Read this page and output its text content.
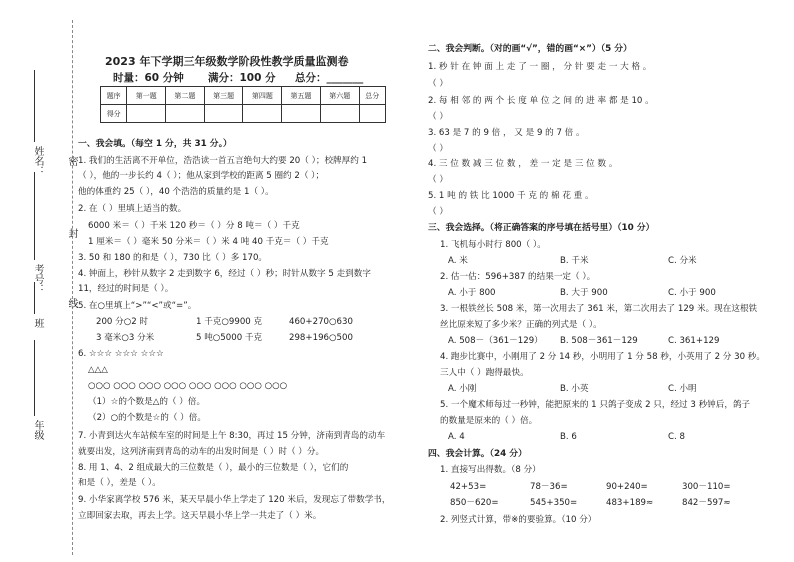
姓名： 密
封
线
考号：
班
年级
2023 年下学期三年级数学阶段性教学质量监测卷
时量：60 分钟 满分：100 分 总分：_______
题序	第一题	第二题	第三题	第四题	第五题	第六题	总分
得分							
一、我会填。（每空 1 分，共 31 分。）
1. 我们的生活离不开单位，浩浩读一首五言绝句大约要 20（ ）；校牌厚约 1
（ ），他的一步长约 4（ ）；他从家到学校的距离 5 圈约 2（ ）；
他的体重约 25（ ），40 个浩浩的质量约是 1（ ）。
2. 在（ ）里填上适当的数。
6000 米＝（ ）千米 120 秒＝（ ）分 8 吨＝（ ）千克
1 厘米＝（ ）毫米 50 分米＝（ ）米 4 吨 40 千克＝（ ）千克
3. 50 和 180 的和是（ ），730 比（ ）多 170。
4. 钟面上，秒针从数字 2 走到数字 6，经过（ ）秒；时针从数字 5 走到数字
11，经过的时间是（ ）。
5. 在○里填上“>”“<”或“=”。
200 分○2 时	1 千克○9900 克	460+270○630
3 毫米○3 分米	5 吨○5000 千克	298+196○500
6. ☆☆☆ ☆☆☆ ☆☆☆
△△△
○○○ ○○○ ○○○ ○○○ ○○○ ○○○ ○○○ ○○○
（1）☆的个数是△的（ ）倍。
（2）○的个数是☆的（ ）倍。
7. 小青到达火车站候车室的时间是上午 8:30，再过 15 分钟，济南到青岛的动车
就要出发，这列济南到青岛的动车的出发时间是（ ）时（ ）分。
8. 用 1、4、2 组成最大的三位数是（ ），最小的三位数是（ ），它们的
和是（ ），差是（ ）。
9. 小华家离学校 576 米，某天早晨小华上学走了 120 米后，发现忘了带数学书，
立即回家去取，再去上学。这天早晨小华上学一共走了（ ）米。
二、我会判断。（对的画“√”，错的画“×”）（5 分）
1. 秒 针 在 钟 面 上 走 了 一 圈 ， 分 针 要 走 一 大 格 。
（ ）
2. 每 相 邻 的 两 个 长 度 单 位 之 间 的 进 率 都 是 10 。
（ ）
3. 63 是 7 的 9 倍 ， 又 是 9 的 7 倍 。
（ ）
4. 三 位 数 减 三 位 数 ， 差 一 定 是 三 位 数 。
（ ）
5. 1 吨 的 铁 比 1000 千 克 的 棉 花 重 。
（ ）
三、我会选择。（将正确答案的序号填在括号里）（10 分）
1. 飞机每小时行 800（ ）。
A. 米	B. 千米	C. 分米
2. 估一估：596+387 的结果一定（ ）。
A. 小于 800	B. 大于 900	C. 小于 900
3. 一根铁丝长 508 米，第一次用去了 361 米，第二次用去了 129 米。现在这根铁
丝比原来短了多少米？正确的列式是（ ）。
A. 508－（361－129） B. 508－361－129	C. 361+129
4. 跑步比赛中，小刚用了 2 分 14 秒，小明用了 1 分 58 秒，小英用了 2 分 30 秒。
三人中（ ）跑得最快。
A. 小刚	B. 小英	C. 小明
5. 一个魔术师每过一秒钟，能把原来的 1 只鸽子变成 2 只，经过 3 秒钟后，鸽子
的数量是原来的（ ）倍。
A. 4	B. 6	C. 8
四、我会计算。（24 分）
1. 直接写出得数。（8 分）
42+53=	78－36=	90+240=	300－110=
850－620=	545+350=	483+189≈	842－597≈
2. 列竖式计算，带※的要验算。（10 分）
